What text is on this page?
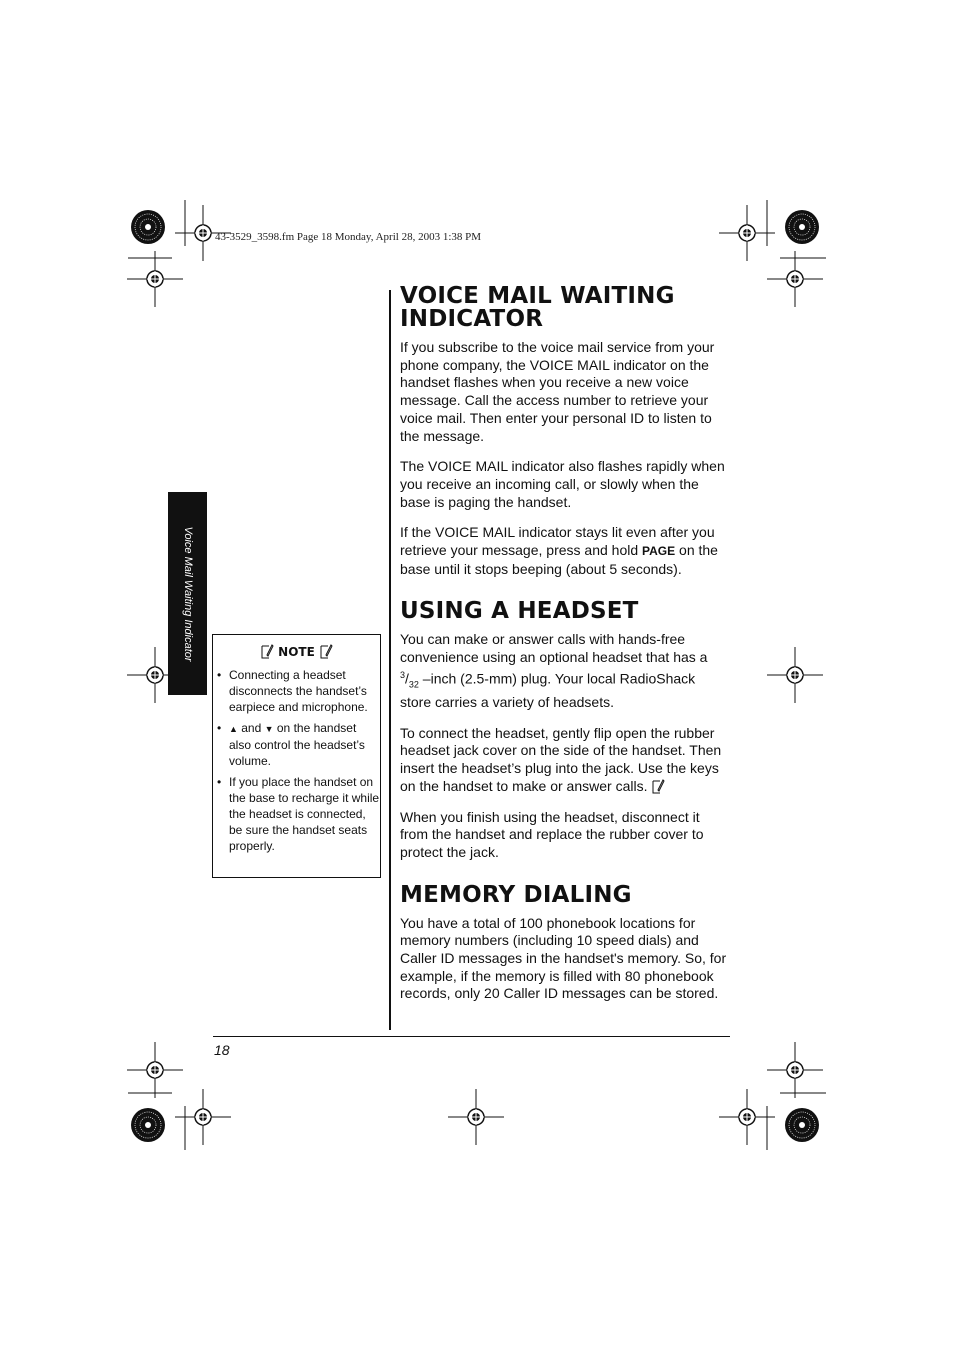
43-3529_3598.fm Page 18 Monday, April 28, 2003 1:38 PM
Voice Mail Waiting Indicator	NOTE
• Connecting a headset disconnects the handset’s earpiece and microphone.
• ▲ and ▼ on the handset also control the headset’s volume.
• If you place the handset on the base to recharge it while the headset is connected, be sure the handset seats properly.
VOICE MAIL WAITING INDICATOR

If you subscribe to the voice mail service from your phone company, the VOICE MAIL indicator on the handset flashes when you receive a new voice message. Call the access number to retrieve your voice mail. Then enter your personal ID to listen to the message.

The VOICE MAIL indicator also flashes rapidly when you receive an incoming call, or slowly when the base is paging the handset.

If the VOICE MAIL indicator stays lit even after you retrieve your message, press and hold PAGE on the base until it stops beeping (about 5 seconds).

USING A HEADSET

You can make or answer calls with hands-free convenience using an optional headset that has a $^3/_{32}$ –inch (2.5-mm) plug. Your local RadioShack store carries a variety of headsets.

To connect the headset, gently flip open the rubber headset jack cover on the side of the handset. Then insert the headset’s plug into the jack. Use the keys on the handset to make or answer calls.

When you finish using the headset, disconnect it from the handset and replace the rubber cover to protect the jack.

MEMORY DIALING

You have a total of 100 phonebook locations for memory numbers (including 10 speed dials) and Caller ID messages in the handset's memory. So, for example, if the memory is filled with 80 phonebook records, only 20 Caller ID messages can be stored.

18
